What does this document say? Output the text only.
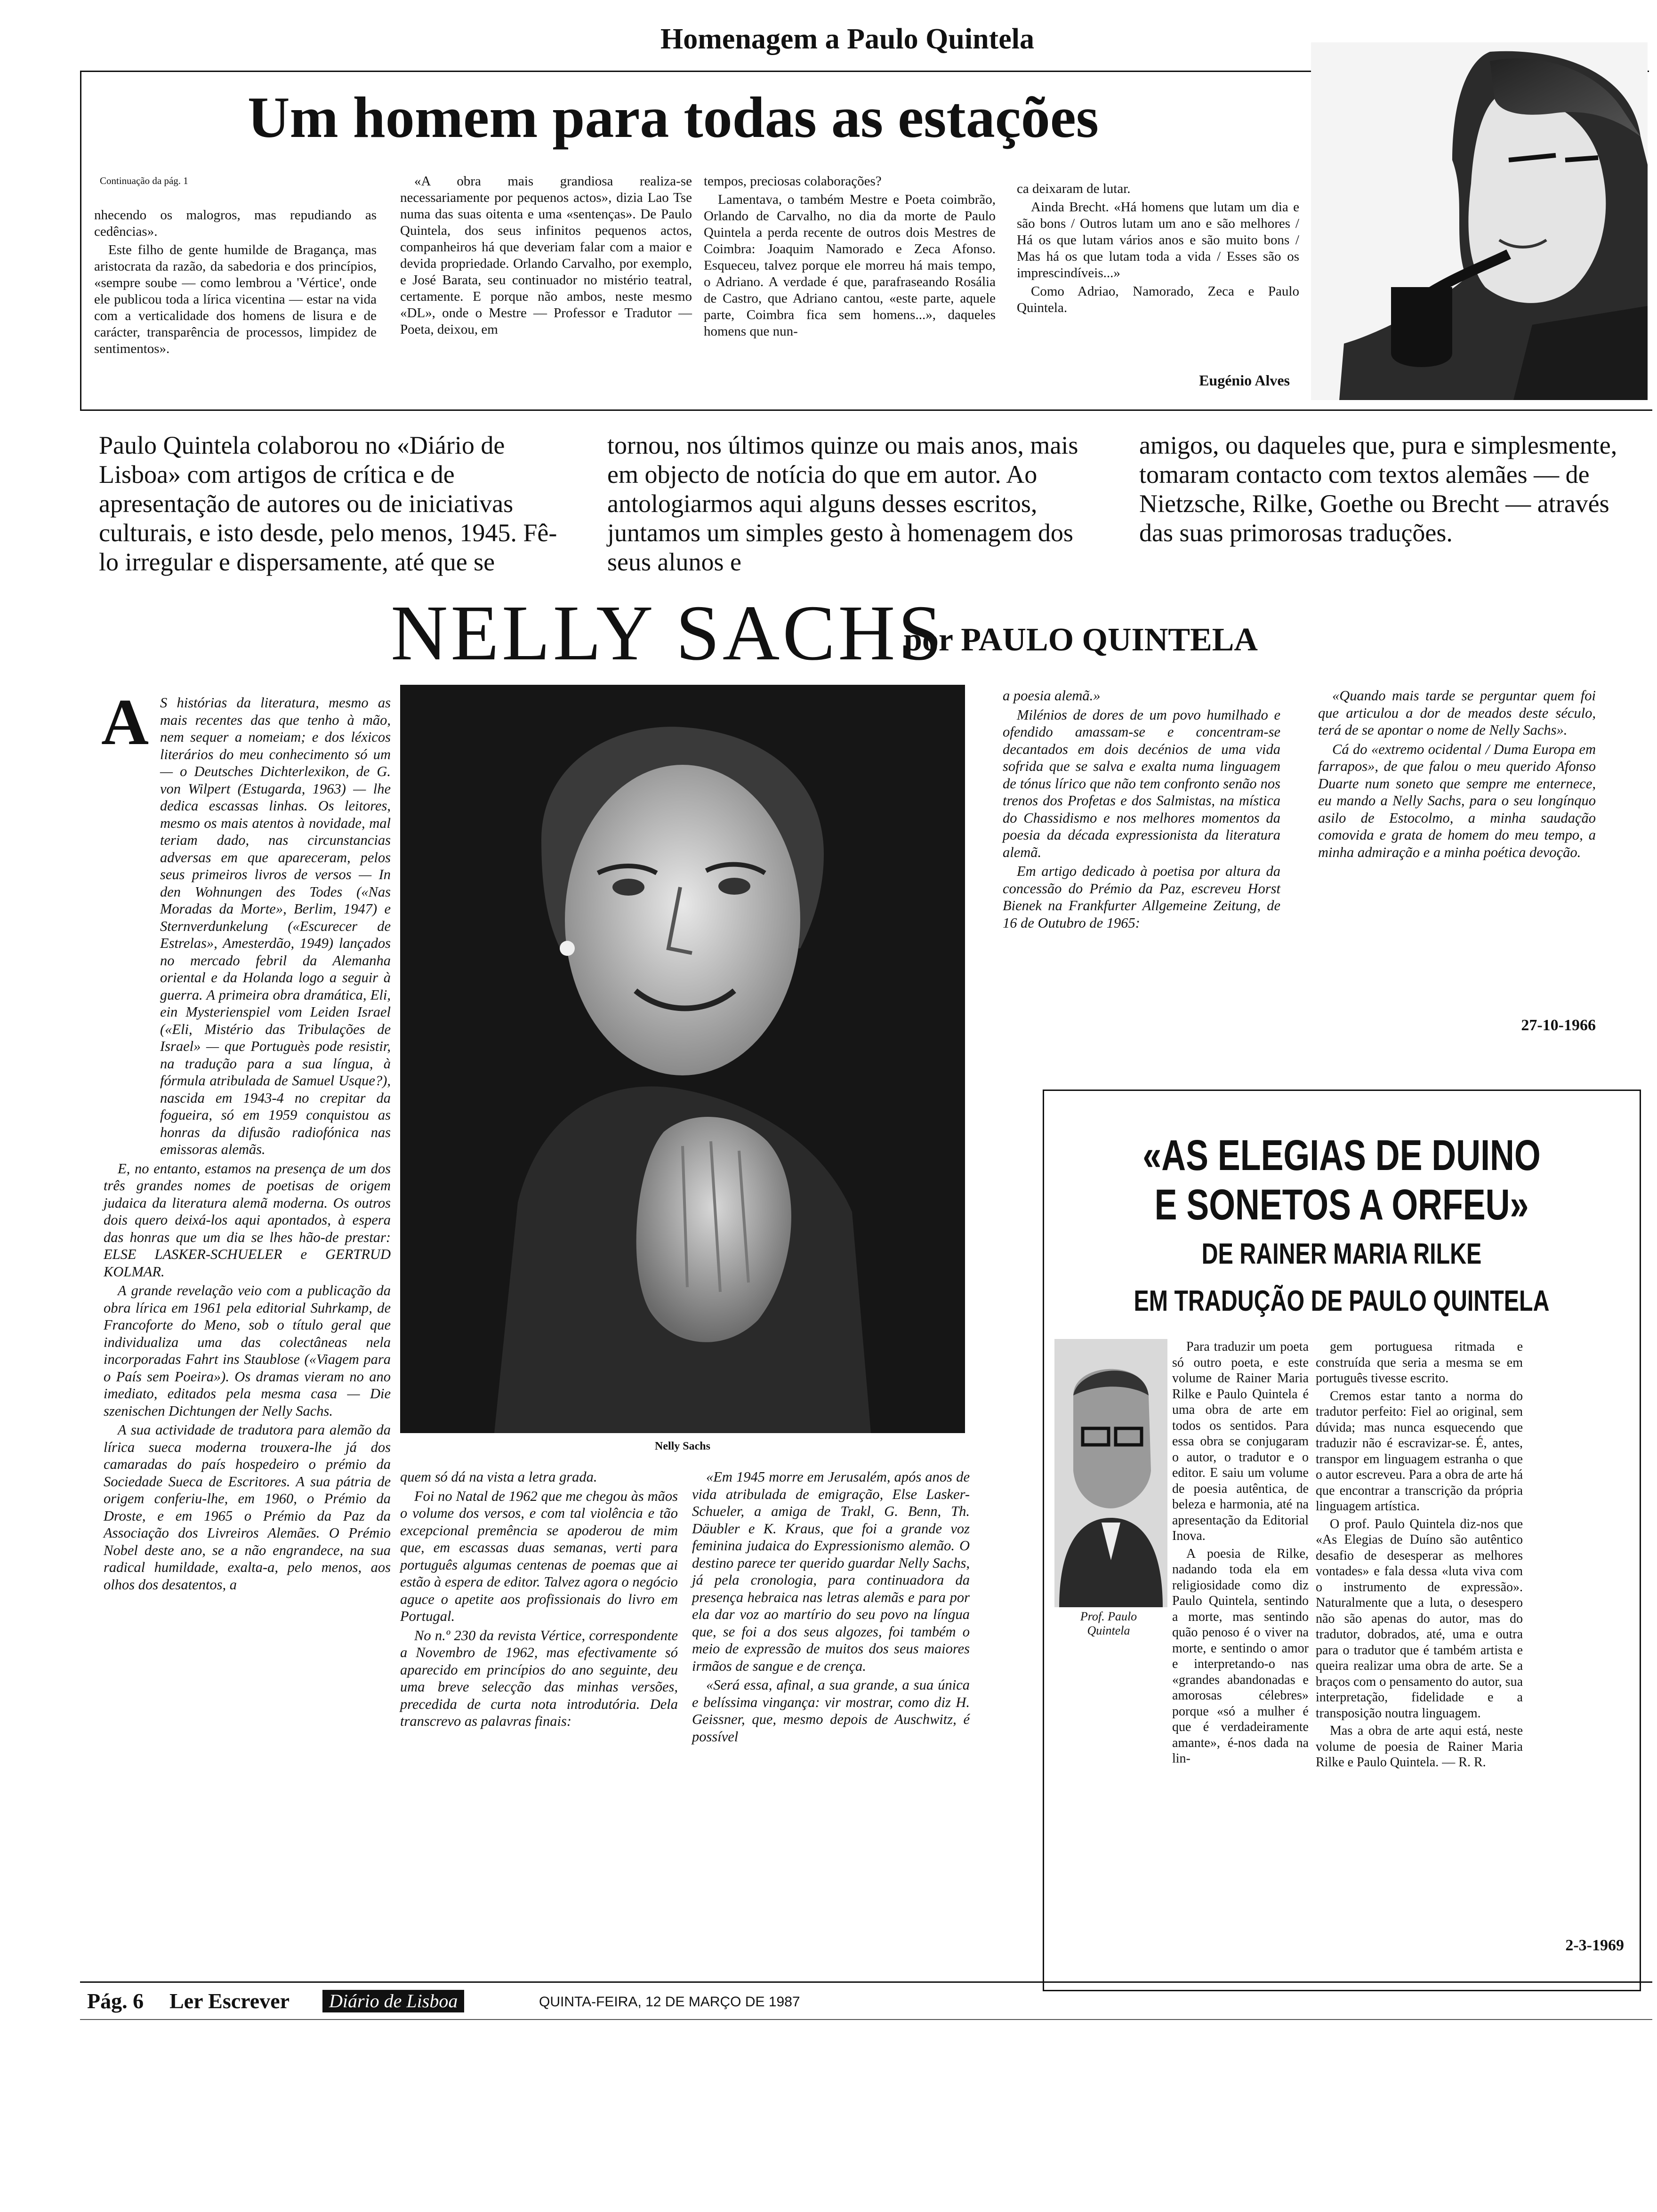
Homenagem a Paulo Quintela
Um homem para todas as estações
Continuação da pág. 1

nhecendo os malogros, mas repudiando as cedências».

Este filho de gente humilde de Bragança, mas aristocrata da razão, da sabedoria e dos princípios, «sempre soube — como lembrou a 'Vértice', onde ele publicou toda a lírica vicentina — estar na vida com a verticalidade dos homens de lisura e de carácter, transparência de processos, limpidez de sentimentos».

«A obra mais grandiosa realiza-se necessariamente por pequenos actos», dizia Lao Tse numa das suas oitenta e uma «sentenças». De Paulo Quintela, dos seus infinitos pequenos actos, companheiros há que deveriam falar com a maior e devida propriedade. Orlando Carvalho, por exemplo, e José Barata, seu continuador no mistério teatral, certamente. E porque não ambos, neste mesmo «DL», onde o Mestre — Professor e Tradutor — Poeta, deixou, em

tempos, preciosas colaborações?

Lamentava, o também Mestre e Poeta coimbrão, Orlando de Carvalho, no dia da morte de Paulo Quintela a perda recente de outros dois Mestres de Coimbra: Joaquim Namorado e Zeca Afonso. Esqueceu, talvez porque ele morreu há mais tempo, o Adriano. A verdade é que, parafraseando Rosália de Castro, que Adriano cantou, «este parte, aquele parte, Coimbra fica sem homens...», daqueles homens que nun-

ca deixaram de lutar.

Ainda Brecht. «Há homens que lutam um dia e são bons / Outros lutam um ano e são melhores / Há os que lutam vários anos e são muito bons / Mas há os que lutam toda a vida / Esses são os imprescindíveis...»

Como Adriao, Namorado, Zeca e Paulo Quintela.

Eugénio Alves
Paulo Quintela colaborou no «Diário de Lisboa» com artigos de crítica e de apresentação de autores ou de iniciativas culturais, e isto desde, pelo menos, 1945. Fê-lo irregular e dispersamente, até que se
tornou, nos últimos quinze ou mais anos, mais em objecto de notícia do que em autor. Ao antologiarmos aqui alguns desses escritos, juntamos um simples gesto à homenagem dos seus alunos e
amigos, ou daqueles que, pura e simplesmente, tomaram contacto com textos alemães — de Nietzsche, Rilke, Goethe ou Brecht — através das suas primorosas traduções.
NELLY SACHS
por PAULO QUINTELA
A S histórias da literatura, mesmo as mais recentes das que tenho à mão, nem sequer a nomeiam; e dos léxicos literários do meu conhecimento só um — o Deutsches Dichterlexikon, de G. von Wilpert (Estugarda, 1963) — lhe dedica escassas linhas. Os leitores, mesmo os mais atentos à novidade, mal teriam dado, nas circunstancias adversas em que apareceram, pelos seus primeiros livros de versos — In den Wohnungen des Todes («Nas Moradas da Morte», Berlim, 1947) e Sternverdunkelung («Escurecer de Estrelas», Amesterdão, 1949) lançados no mercado febril da Alemanha oriental e da Holanda logo a seguir à guerra. A primeira obra dramática, Eli, ein Mysterienspiel vom Leiden Israel («Eli, Mistério das Tribulações de Israel» — que Portuguès pode resistir, na tradução para a sua língua, à fórmula atribulada de Samuel Usque?), nascida em 1943-4 no crepitar da fogueira, só em 1959 conquistou as honras da difusão radiofónica nas emissoras alemãs.

E, no entanto, estamos na presença de um dos três grandes nomes de poetisas de origem judaica da literatura alemã moderna. Os outros dois quero deixá-los aqui apontados, à espera das honras que um dia se lhes hão-de prestar: ELSE LASKER-SCHUELER e GERTRUD KOLMAR.

A grande revelação veio com a publicação da obra lírica em 1961 pela editorial Suhrkamp, de Francoforte do Meno, sob o título geral que individualiza uma das colectâneas nela incorporadas Fahrt ins Staublose («Viagem para o País sem Poeira»). Os dramas vieram no ano imediato, editados pela mesma casa — Die szenischen Dichtungen der Nelly Sachs.

A sua actividade de tradutora para alemão da lírica sueca moderna trouxera-lhe já dos camaradas do país hospedeiro o prémio da Sociedade Sueca de Escritores. A sua pátria de origem conferiu-lhe, em 1960, o Prémio da Droste, e em 1965 o Prémio da Paz da Associação dos Livreiros Alemães. O Prémio Nobel deste ano, se a não engrandece, na sua radical humildade, exalta-a, pelo menos, aos olhos dos desatentos, a

Nelly Sachs

quem só dá na vista a letra grada.

Foi no Natal de 1962 que me chegou às mãos o volume dos versos, e com tal violência e tão excepcional premência se apoderou de mim que, em escassas duas semanas, verti para português algumas centenas de poemas que ai estão à espera de editor. Talvez agora o negócio aguce o apetite aos profissionais do livro em Portugal.

No n.º 230 da revista Vértice, correspondente a Novembro de 1962, mas efectivamente só aparecido em princípios do ano seguinte, deu uma breve selecção das minhas versões, precedida de curta nota introdutória. Dela transcrevo as palavras finais:

«Em 1945 morre em Jerusalém, após anos de vida atribulada de emigração, Else Lasker-Schueler, a amiga de Trakl, G. Benn, Th. Däubler e K. Kraus, que foi a grande voz feminina judaica do Expressionismo alemão. O destino parece ter querido guardar Nelly Sachs, já pela cronologia, para continuadora da presença hebraica nas letras alemãs e para por ela dar voz ao martírio do seu povo na língua que, se foi a dos seus algozes, foi também o meio de expressão de muitos dos seus maiores irmãos de sangue e de crença.

«Será essa, afinal, a sua grande, a sua única e belíssima vingança: vir mostrar, como diz H. Geissner, que, mesmo depois de Auschwitz, é possível

a poesia alemã.»

Milénios de dores de um povo humilhado e ofendido amassam-se e concentram-se decantados em dois decénios de uma vida sofrida que se salva e exalta numa linguagem de tónus lírico que não tem confronto senão nos trenos dos Profetas e dos Salmistas, na mística do Chassidismo e nos melhores momentos da poesia da década expressionista da literatura alemã.

Em artigo dedicado à poetisa por altura da concessão do Prémio da Paz, escreveu Horst Bienek na Frankfurter Allgemeine Zeitung, de 16 de Outubro de 1965:

«Quando mais tarde se perguntar quem foi que articulou a dor de meados deste século, terá de se apontar o nome de Nelly Sachs».

Cá do «extremo ocidental / Duma Europa em farrapos», de que falou o meu querido Afonso Duarte num soneto que sempre me enternece, eu mando a Nelly Sachs, para o seu longínquo asilo de Estocolmo, a minha saudação comovida e grata de homem do meu tempo, a minha admiração e a minha poética devoção.

27-10-1966
«AS ELEGIAS DE DUINO
E SONETOS A ORFEU»
DE RAINER MARIA RILKE
EM TRADUÇÃO DE PAULO QUINTELA
Prof. Paulo Quintela

Para traduzir um poeta só outro poeta, e este volume de Rainer Maria Rilke e Paulo Quintela é uma obra de arte em todos os sentidos. Para essa obra se conjugaram o autor, o tradutor e o editor. E saiu um volume de poesia autêntica, de beleza e harmonia, até na apresentação da Editorial Inova.

A poesia de Rilke, nadando toda ela em religiosidade como diz Paulo Quintela, sentindo a morte, mas sentindo quão penoso é o viver na morte, e sentindo o amor e interpretando-o nas «grandes abandonadas e amorosas célebres» porque «só a mulher é que é verdadeiramente amante», é-nos dada na lin-

gem portuguesa ritmada e construída que seria a mesma se em português tivesse escrito.

Cremos estar tanto a norma do tradutor perfeito: Fiel ao original, sem dúvida; mas nunca esquecendo que traduzir não é escravizar-se. É, antes, transpor em linguagem estranha o que o autor escreveu. Para a obra de arte há que encontrar a transcrição da própria linguagem artística.

O prof. Paulo Quintela diz-nos que «As Elegias de Duíno são autêntico desafio de desesperar as melhores vontades» e fala dessa «luta viva com o instrumento de expressão». Naturalmente que a luta, o desespero não são apenas do autor, mas do tradutor, dobrados, até, uma e outra para o tradutor que é também artista e queira realizar uma obra de arte. Se a braços com o pensamento do autor, sua interpretação, fidelidade e a transposição noutra linguagem.

Mas a obra de arte aqui está, neste volume de poesia de Rainer Maria Rilke e Paulo Quintela. — R. R.

2-3-1969
Pág. 6 Ler Escrever	Diário de Lisboa	QUINTA-FEIRA, 12 DE MARÇO DE 1987
